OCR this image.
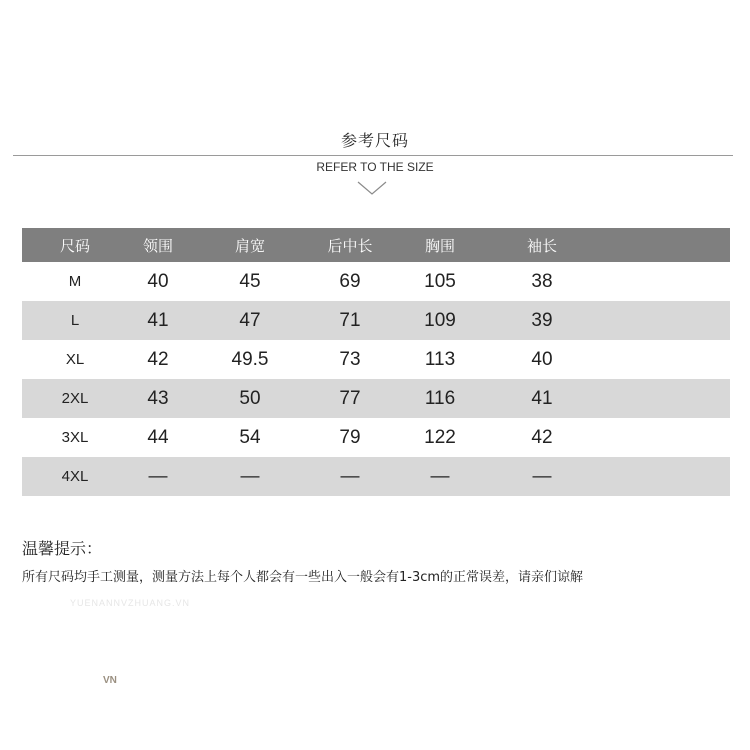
参考尺码
REFER TO THE SIZE
尺码	领围	肩宽	后中长	胸围	袖长
M	40	45	69	105	38
L	41	47	71	109	39
XL	42	49.5	73	113	40
2XL	43	50	77	116	41
3XL	44	54	79	122	42
4XL	—	—	—	—	—
温馨提示：
所有尺码均手工测量，测量方法上每个人都会有一些出入一般会有1-3cm的正常误差，请亲们谅解
YUENANNVZHUANG.VN
VN
